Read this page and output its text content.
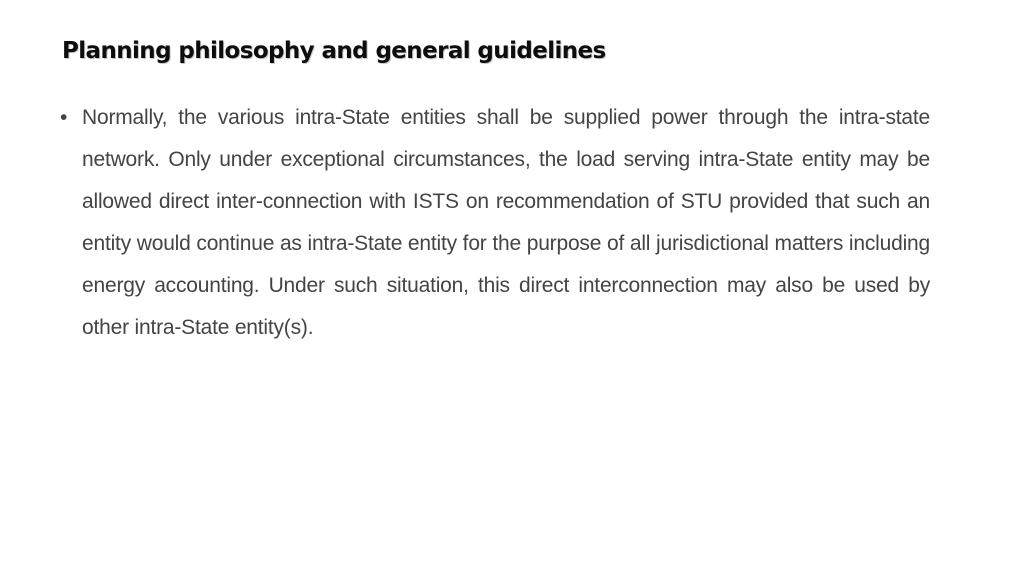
Planning philosophy and general guidelines
• Normally, the various intra-State entities shall be supplied power through the intra-state network. Only under exceptional circumstances, the load serving intra-State entity may be allowed direct inter-connection with ISTS on recommendation of STU provided that such an entity would continue as intra-State entity for the purpose of all jurisdictional matters including energy accounting. Under such situation, this direct interconnection may also be used by other intra-State entity(s).
